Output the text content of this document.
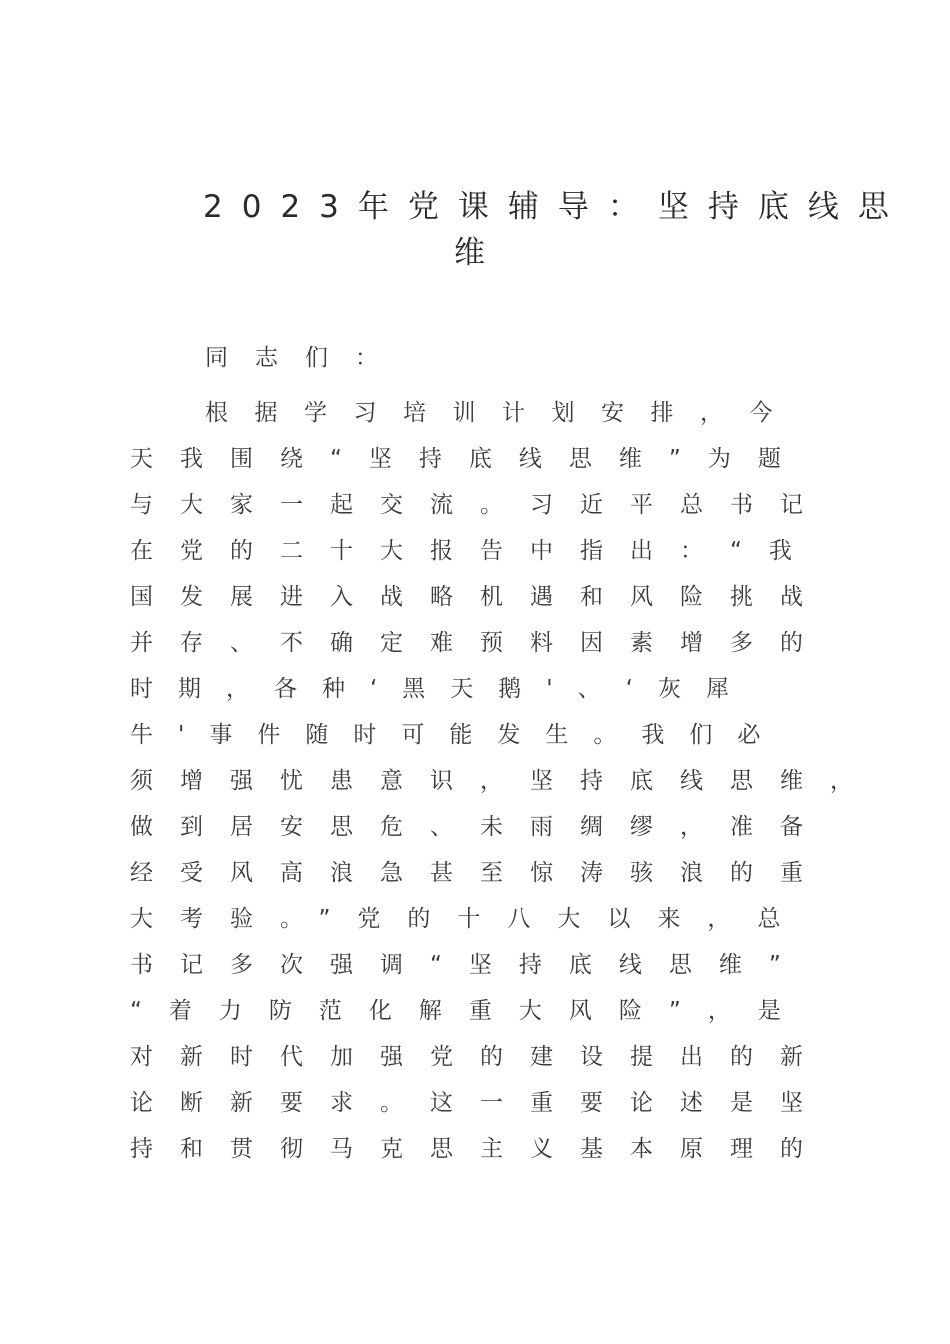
2023年党课辅导：坚持底线思
维
同志们：
根据学习培训计划安排，今
天我围绕“坚持底线思维”为题
与大家一起交流。习近平总书记
在党的二十大报告中指出：“我
国发展进入战略机遇和风险挑战
并存、不确定难预料因素增多的
时期，各种‘黑天鹅'、‘灰犀
牛'事件随时可能发生。我们必
须增强忧患意识，坚持底线思维，
做到居安思危、未雨绸缪，准备
经受风高浪急甚至惊涛骇浪的重
大考验。”党的十八大以来，总
书记多次强调“坚持底线思维”
“着力防范化解重大风险”，是
对新时代加强党的建设提出的新
论断新要求。这一重要论述是坚
持和贯彻马克思主义基本原理的
